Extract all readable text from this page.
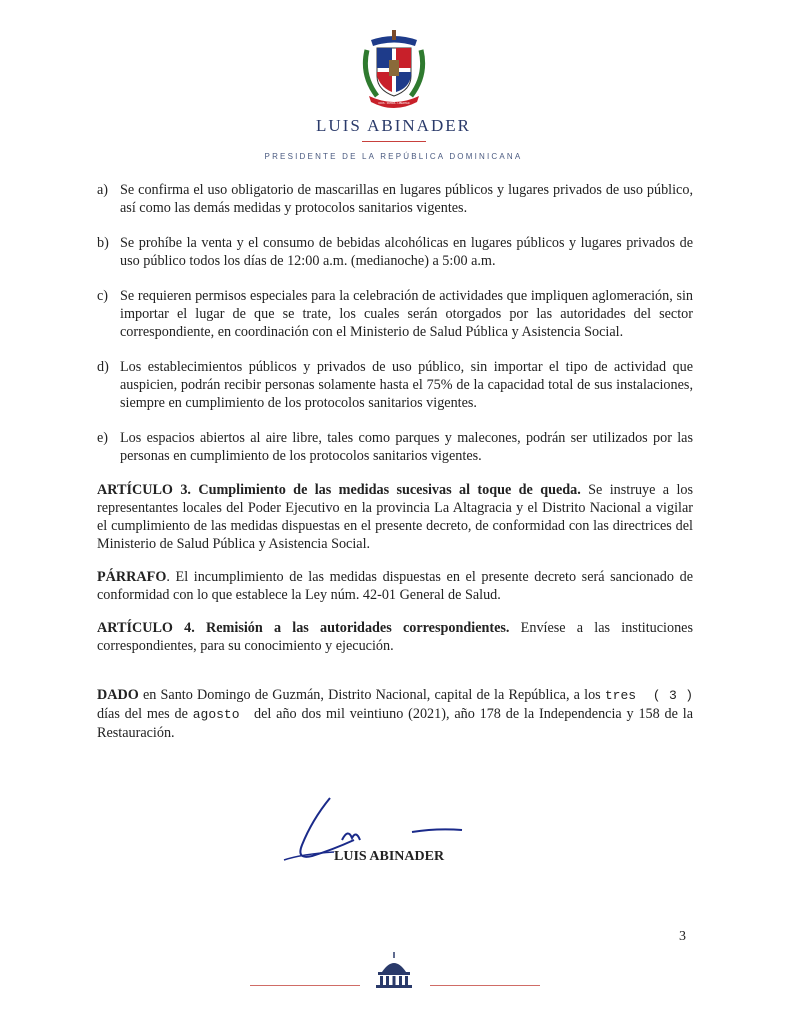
DIOS · PATRIA · LIBERTAD
LUIS ABINADER
PRESIDENTE DE LA REPÚBLICA DOMINICANA
a) Se confirma el uso obligatorio de mascarillas en lugares públicos y lugares privados de uso público, así como las demás medidas y protocolos sanitarios vigentes.
b) Se prohíbe la venta y el consumo de bebidas alcohólicas en lugares públicos y lugares privados de uso público todos los días de 12:00 a.m. (medianoche) a 5:00 a.m.
c) Se requieren permisos especiales para la celebración de actividades que impliquen aglomeración, sin importar el lugar de que se trate, los cuales serán otorgados por las autoridades del sector correspondiente, en coordinación con el Ministerio de Salud Pública y Asistencia Social.
d) Los establecimientos públicos y privados de uso público, sin importar el tipo de actividad que auspicien, podrán recibir personas solamente hasta el 75% de la capacidad total de sus instalaciones, siempre en cumplimiento de los protocolos sanitarios vigentes.
e) Los espacios abiertos al aire libre, tales como parques y malecones, podrán ser utilizados por las personas en cumplimiento de los protocolos sanitarios vigentes.

ARTÍCULO 3. Cumplimiento de las medidas sucesivas al toque de queda. Se instruye a los representantes locales del Poder Ejecutivo en la provincia La Altagracia y el Distrito Nacional a vigilar el cumplimiento de las medidas dispuestas en el presente decreto, de conformidad con las directrices del Ministerio de Salud Pública y Asistencia Social.

PÁRRAFO. El incumplimiento de las medidas dispuestas en el presente decreto será sancionado de conformidad con lo que establece la Ley núm. 42-01 General de Salud.

ARTÍCULO 4. Remisión a las autoridades correspondientes. Envíese a las instituciones correspondientes, para su conocimiento y ejecución.

DADO en Santo Domingo de Guzmán, Distrito Nacional, capital de la República, a los tres ( 3 ) días del mes de agosto   del año dos mil veintiuno (2021), año 178 de la Independencia y 158 de la Restauración.

LUIS ABINADER
3
